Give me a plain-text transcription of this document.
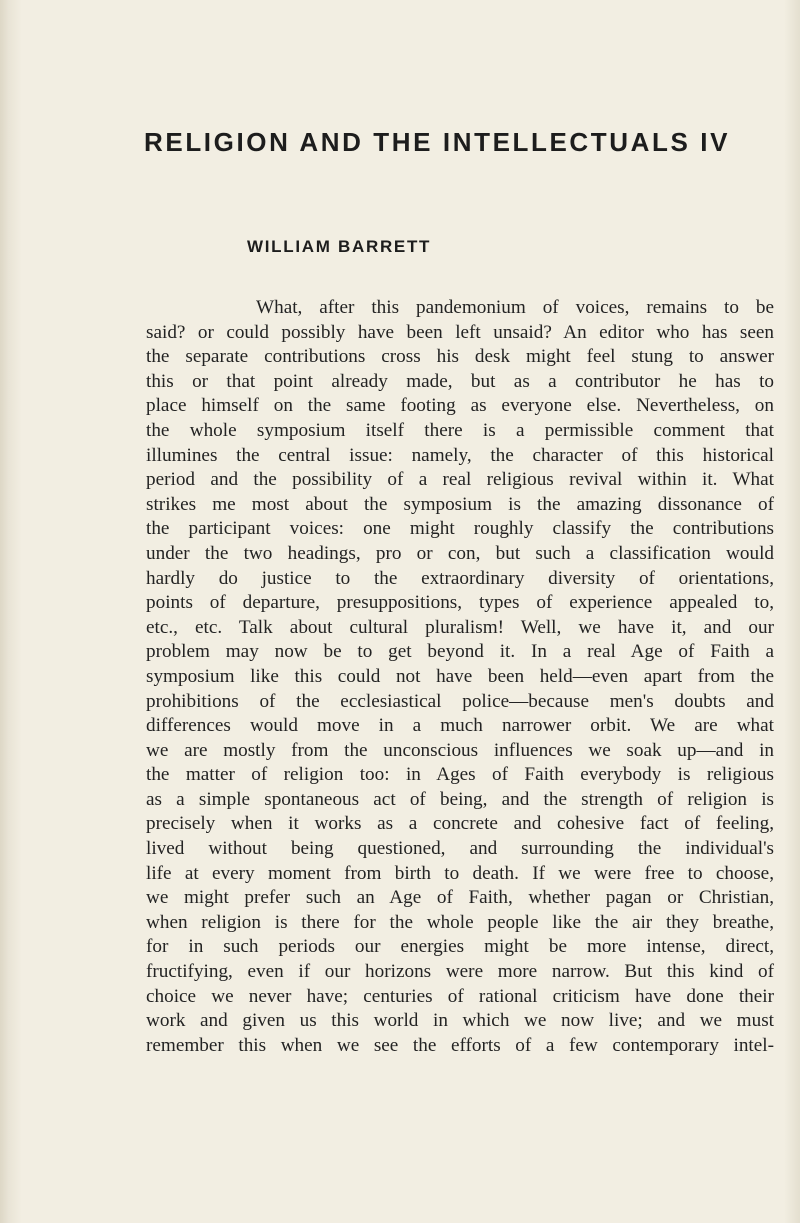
RELIGION AND THE INTELLECTUALS IV
WILLIAM BARRETT
What, after this pandemonium of voices, remains to be
said? or could possibly have been left unsaid? An editor who has seen
the separate contributions cross his desk might feel stung to answer
this or that point already made, but as a contributor he has to
place himself on the same footing as everyone else. Nevertheless, on
the whole symposium itself there is a permissible comment that
illumines the central issue: namely, the character of this historical
period and the possibility of a real religious revival within it. What
strikes me most about the symposium is the amazing dissonance of
the participant voices: one might roughly classify the contributions
under the two headings, pro or con, but such a classification would
hardly do justice to the extraordinary diversity of orientations,
points of departure, presuppositions, types of experience appealed to,
etc., etc. Talk about cultural pluralism! Well, we have it, and our
problem may now be to get beyond it. In a real Age of Faith a
symposium like this could not have been held—even apart from the
prohibitions of the ecclesiastical police—because men's doubts and
differences would move in a much narrower orbit. We are what
we are mostly from the unconscious influences we soak up—and in
the matter of religion too: in Ages of Faith everybody is religious
as a simple spontaneous act of being, and the strength of religion is
precisely when it works as a concrete and cohesive fact of feeling,
lived without being questioned, and surrounding the individual's
life at every moment from birth to death. If we were free to choose,
we might prefer such an Age of Faith, whether pagan or Christian,
when religion is there for the whole people like the air they breathe,
for in such periods our energies might be more intense, direct,
fructifying, even if our horizons were more narrow. But this kind of
choice we never have; centuries of rational criticism have done their
work and given us this world in which we now live; and we must
remember this when we see the efforts of a few contemporary intel-
